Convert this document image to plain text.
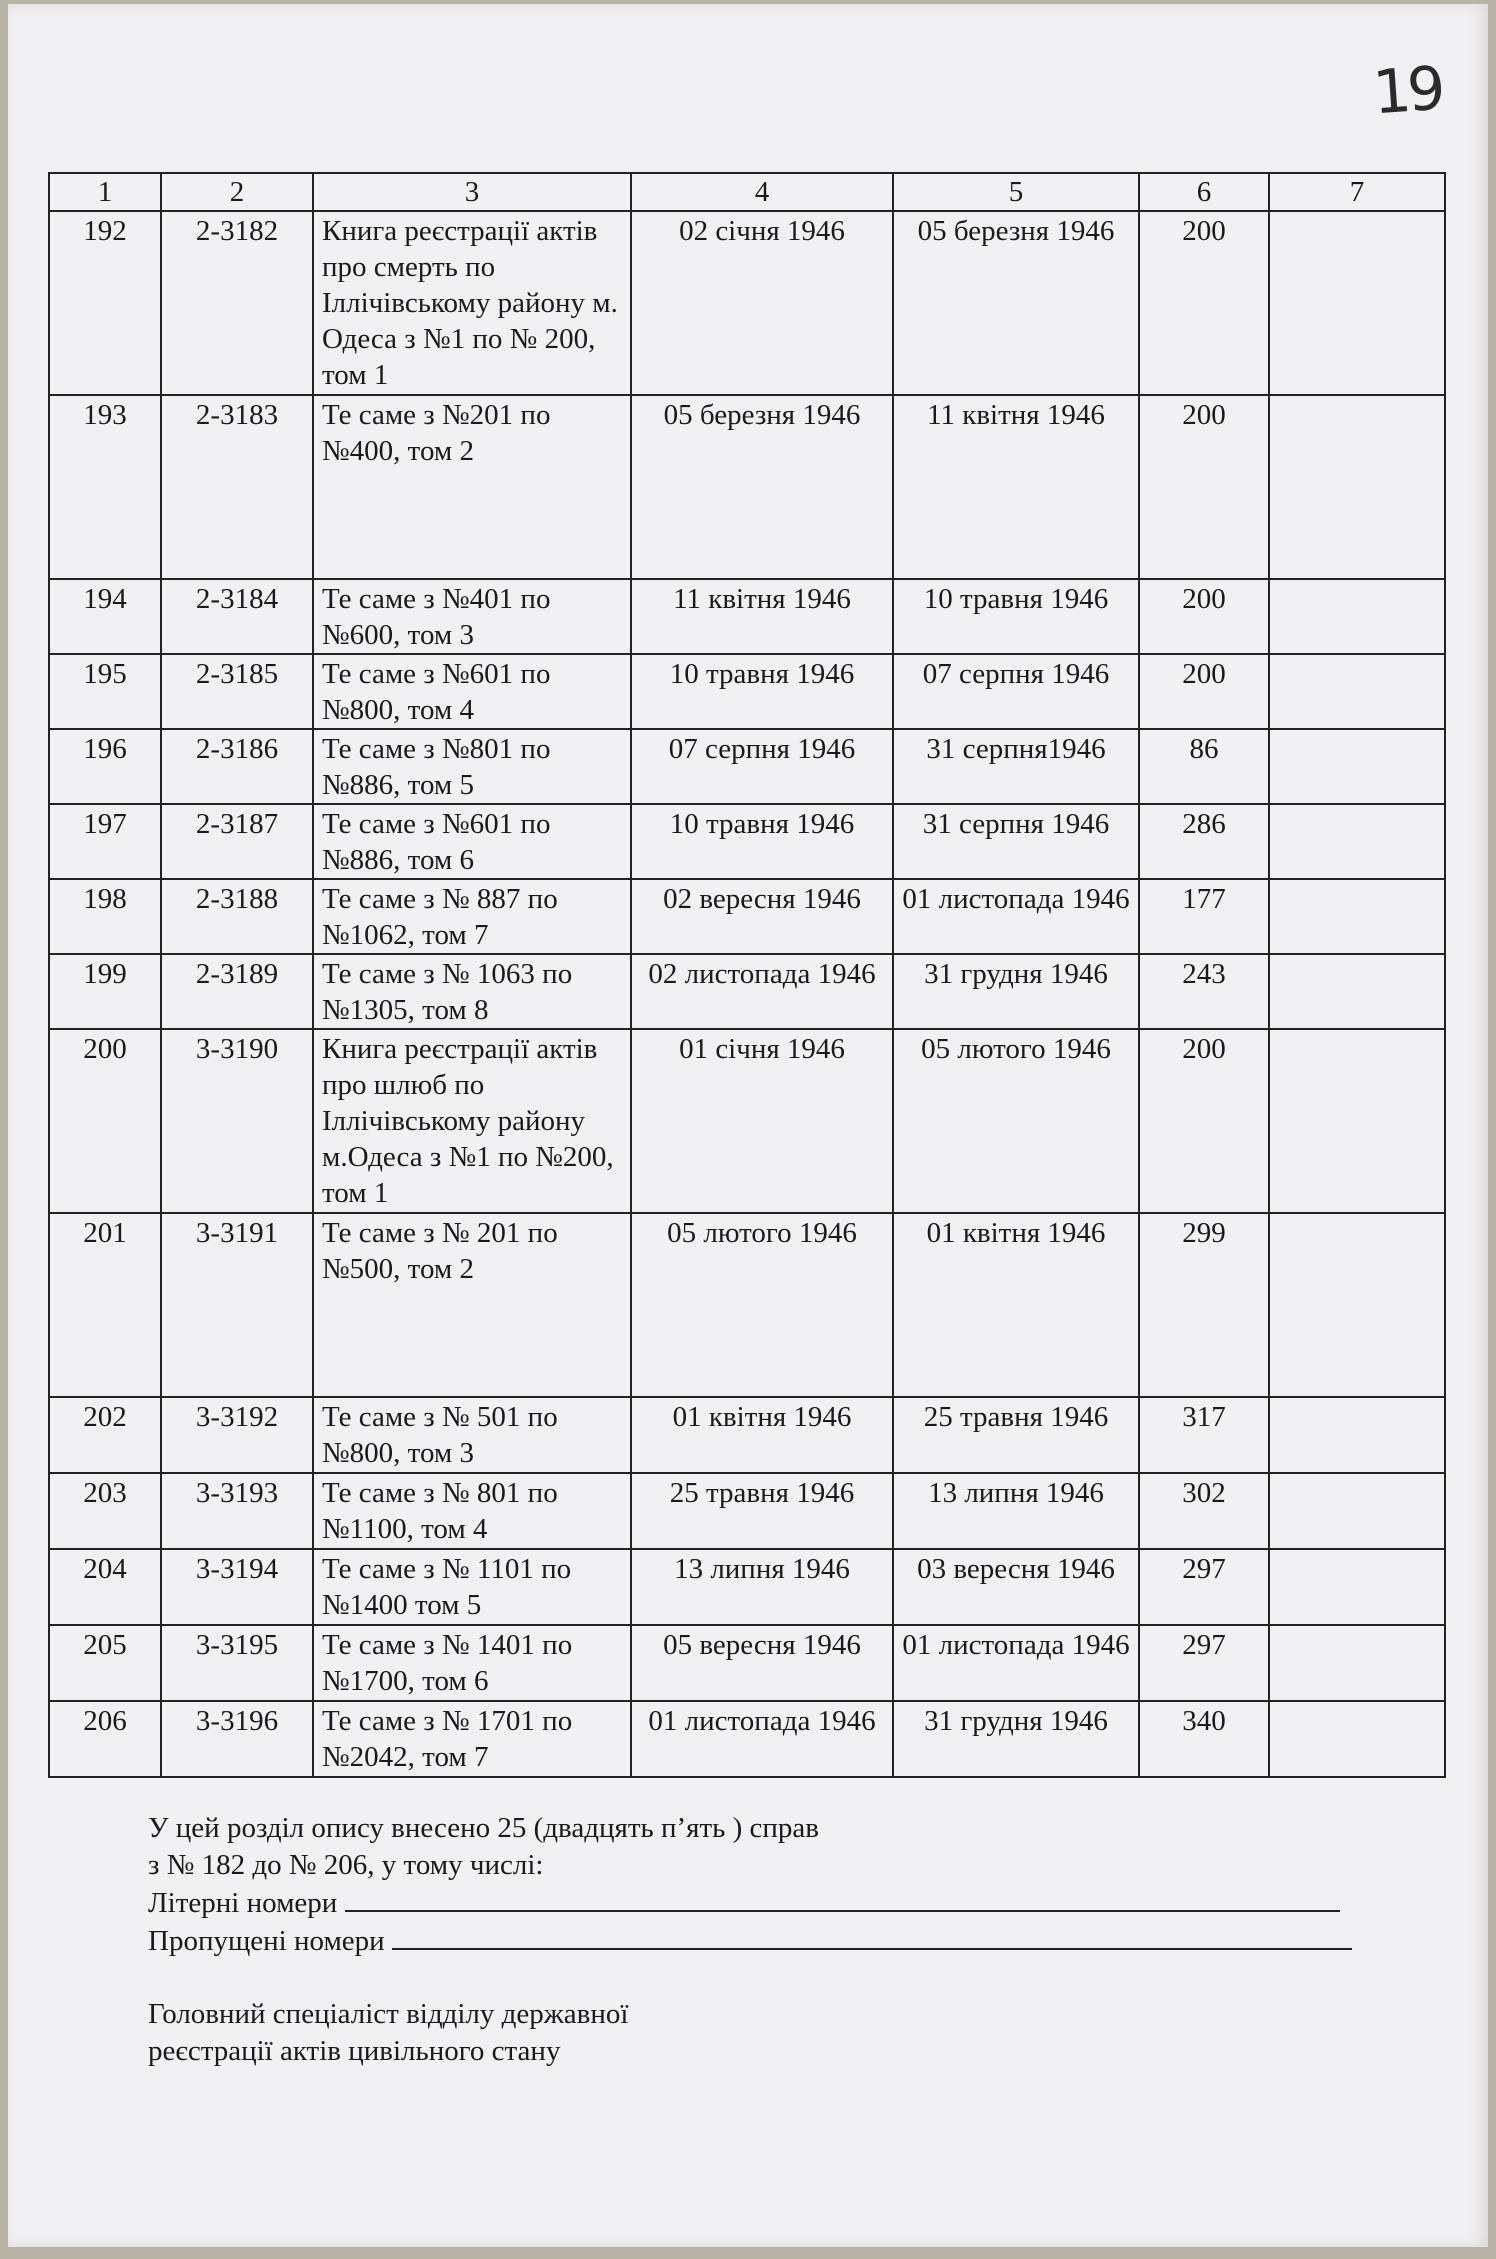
19
1	2	3	4	5	6	7
192	2-3182	Книга реєстрації актів про смерть по Іллічівському району м. Одеса з №1 по № 200, том 1	02 січня 1946	05 березня 1946	200	
193	2-3183	Те саме з №201 по №400, том 2	05 березня 1946	11 квітня 1946	200	
194	2-3184	Те саме з №401 по №600, том 3	11 квітня 1946	10 травня 1946	200	
195	2-3185	Те саме з №601 по №800, том 4	10 травня 1946	07 серпня 1946	200	
196	2-3186	Те саме з №801 по №886, том 5	07 серпня 1946	31 серпня1946	86	
197	2-3187	Те саме з №601 по №886, том 6	10 травня 1946	31 серпня 1946	286	
198	2-3188	Те саме з № 887 по №1062, том 7	02 вересня 1946	01 листопада 1946	177	
199	2-3189	Те саме з № 1063 по №1305, том 8	02 листопада 1946	31 грудня 1946	243	
200	3-3190	Книга реєстрації актів про шлюб по Іллічівському району м.Одеса з №1 по №200, том 1	01 січня 1946	05 лютого 1946	200	
201	3-3191	Те саме з № 201 по №500, том 2	05 лютого 1946	01 квітня 1946	299	
202	3-3192	Те саме з № 501 по №800, том 3	01 квітня 1946	25 травня 1946	317	
203	3-3193	Те саме з № 801 по №1100, том 4	25 травня 1946	13 липня 1946	302	
204	3-3194	Те саме з № 1101 по №1400 том 5	13 липня 1946	03 вересня 1946	297	
205	3-3195	Те саме з № 1401 по №1700, том 6	05 вересня 1946	01 листопада 1946	297	
206	3-3196	Те саме з № 1701 по №2042, том 7	01 листопада 1946	31 грудня 1946	340	
У цей розділ опису внесено 25 (двадцять п’ять ) справ
з № 182 до № 206, у тому числі:
Літерні номери
Пропущені номери
Головний спеціаліст відділу державної
реєстрації актів цивільного стану
